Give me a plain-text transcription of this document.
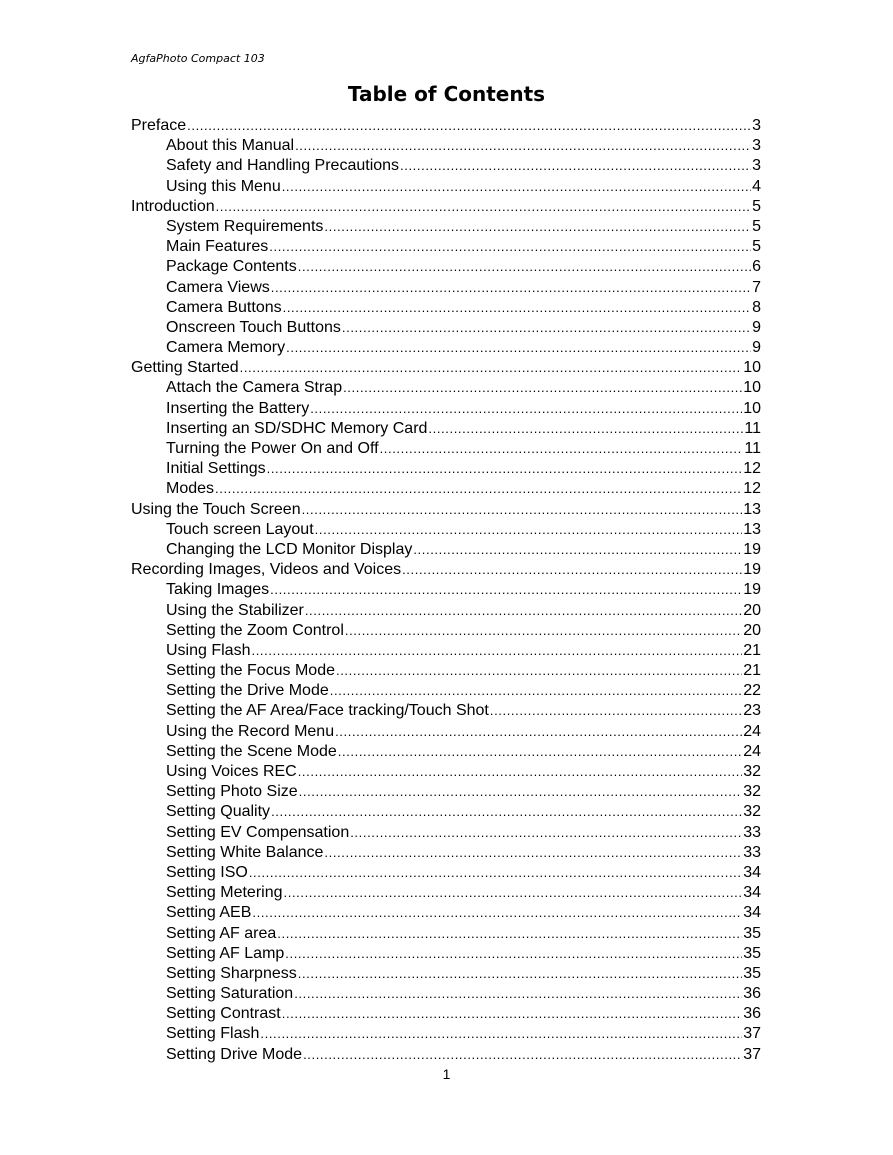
AgfaPhoto Compact 103
Table of Contents
Preface .....	3
About this Manual .....	3
Safety and Handling Precautions .....	3
Using this Menu .....	4
Introduction .....	5
System Requirements .....	5
Main Features .....	5
Package Contents .....	6
Camera Views .....	7
Camera Buttons .....	8
Onscreen Touch Buttons .....	9
Camera Memory .....	9
Getting Started .....	10
Attach the Camera Strap .....	10
Inserting the Battery .....	10
Inserting an SD/SDHC Memory Card .....	11
Turning the Power On and Off .....	11
Initial Settings .....	12
Modes .....	12
Using the Touch Screen .....	13
Touch screen Layout .....	13
Changing the LCD Monitor Display .....	19
Recording Images, Videos and Voices .....	19
Taking Images .....	19
Using the Stabilizer .....	20
Setting the Zoom Control .....	20
Using Flash .....	21
Setting the Focus Mode .....	21
Setting the Drive Mode .....	22
Setting the AF Area/Face tracking/Touch Shot .....	23
Using the Record Menu .....	24
Setting the Scene Mode .....	24
Using Voices REC .....	32
Setting Photo Size .....	32
Setting Quality .....	32
Setting EV Compensation .....	33
Setting White Balance .....	33
Setting ISO .....	34
Setting Metering .....	34
Setting AEB .....	34
Setting AF area .....	35
Setting AF Lamp .....	35
Setting Sharpness .....	35
Setting Saturation .....	36
Setting Contrast .....	36
Setting Flash .....	37
Setting Drive Mode .....	37
1
